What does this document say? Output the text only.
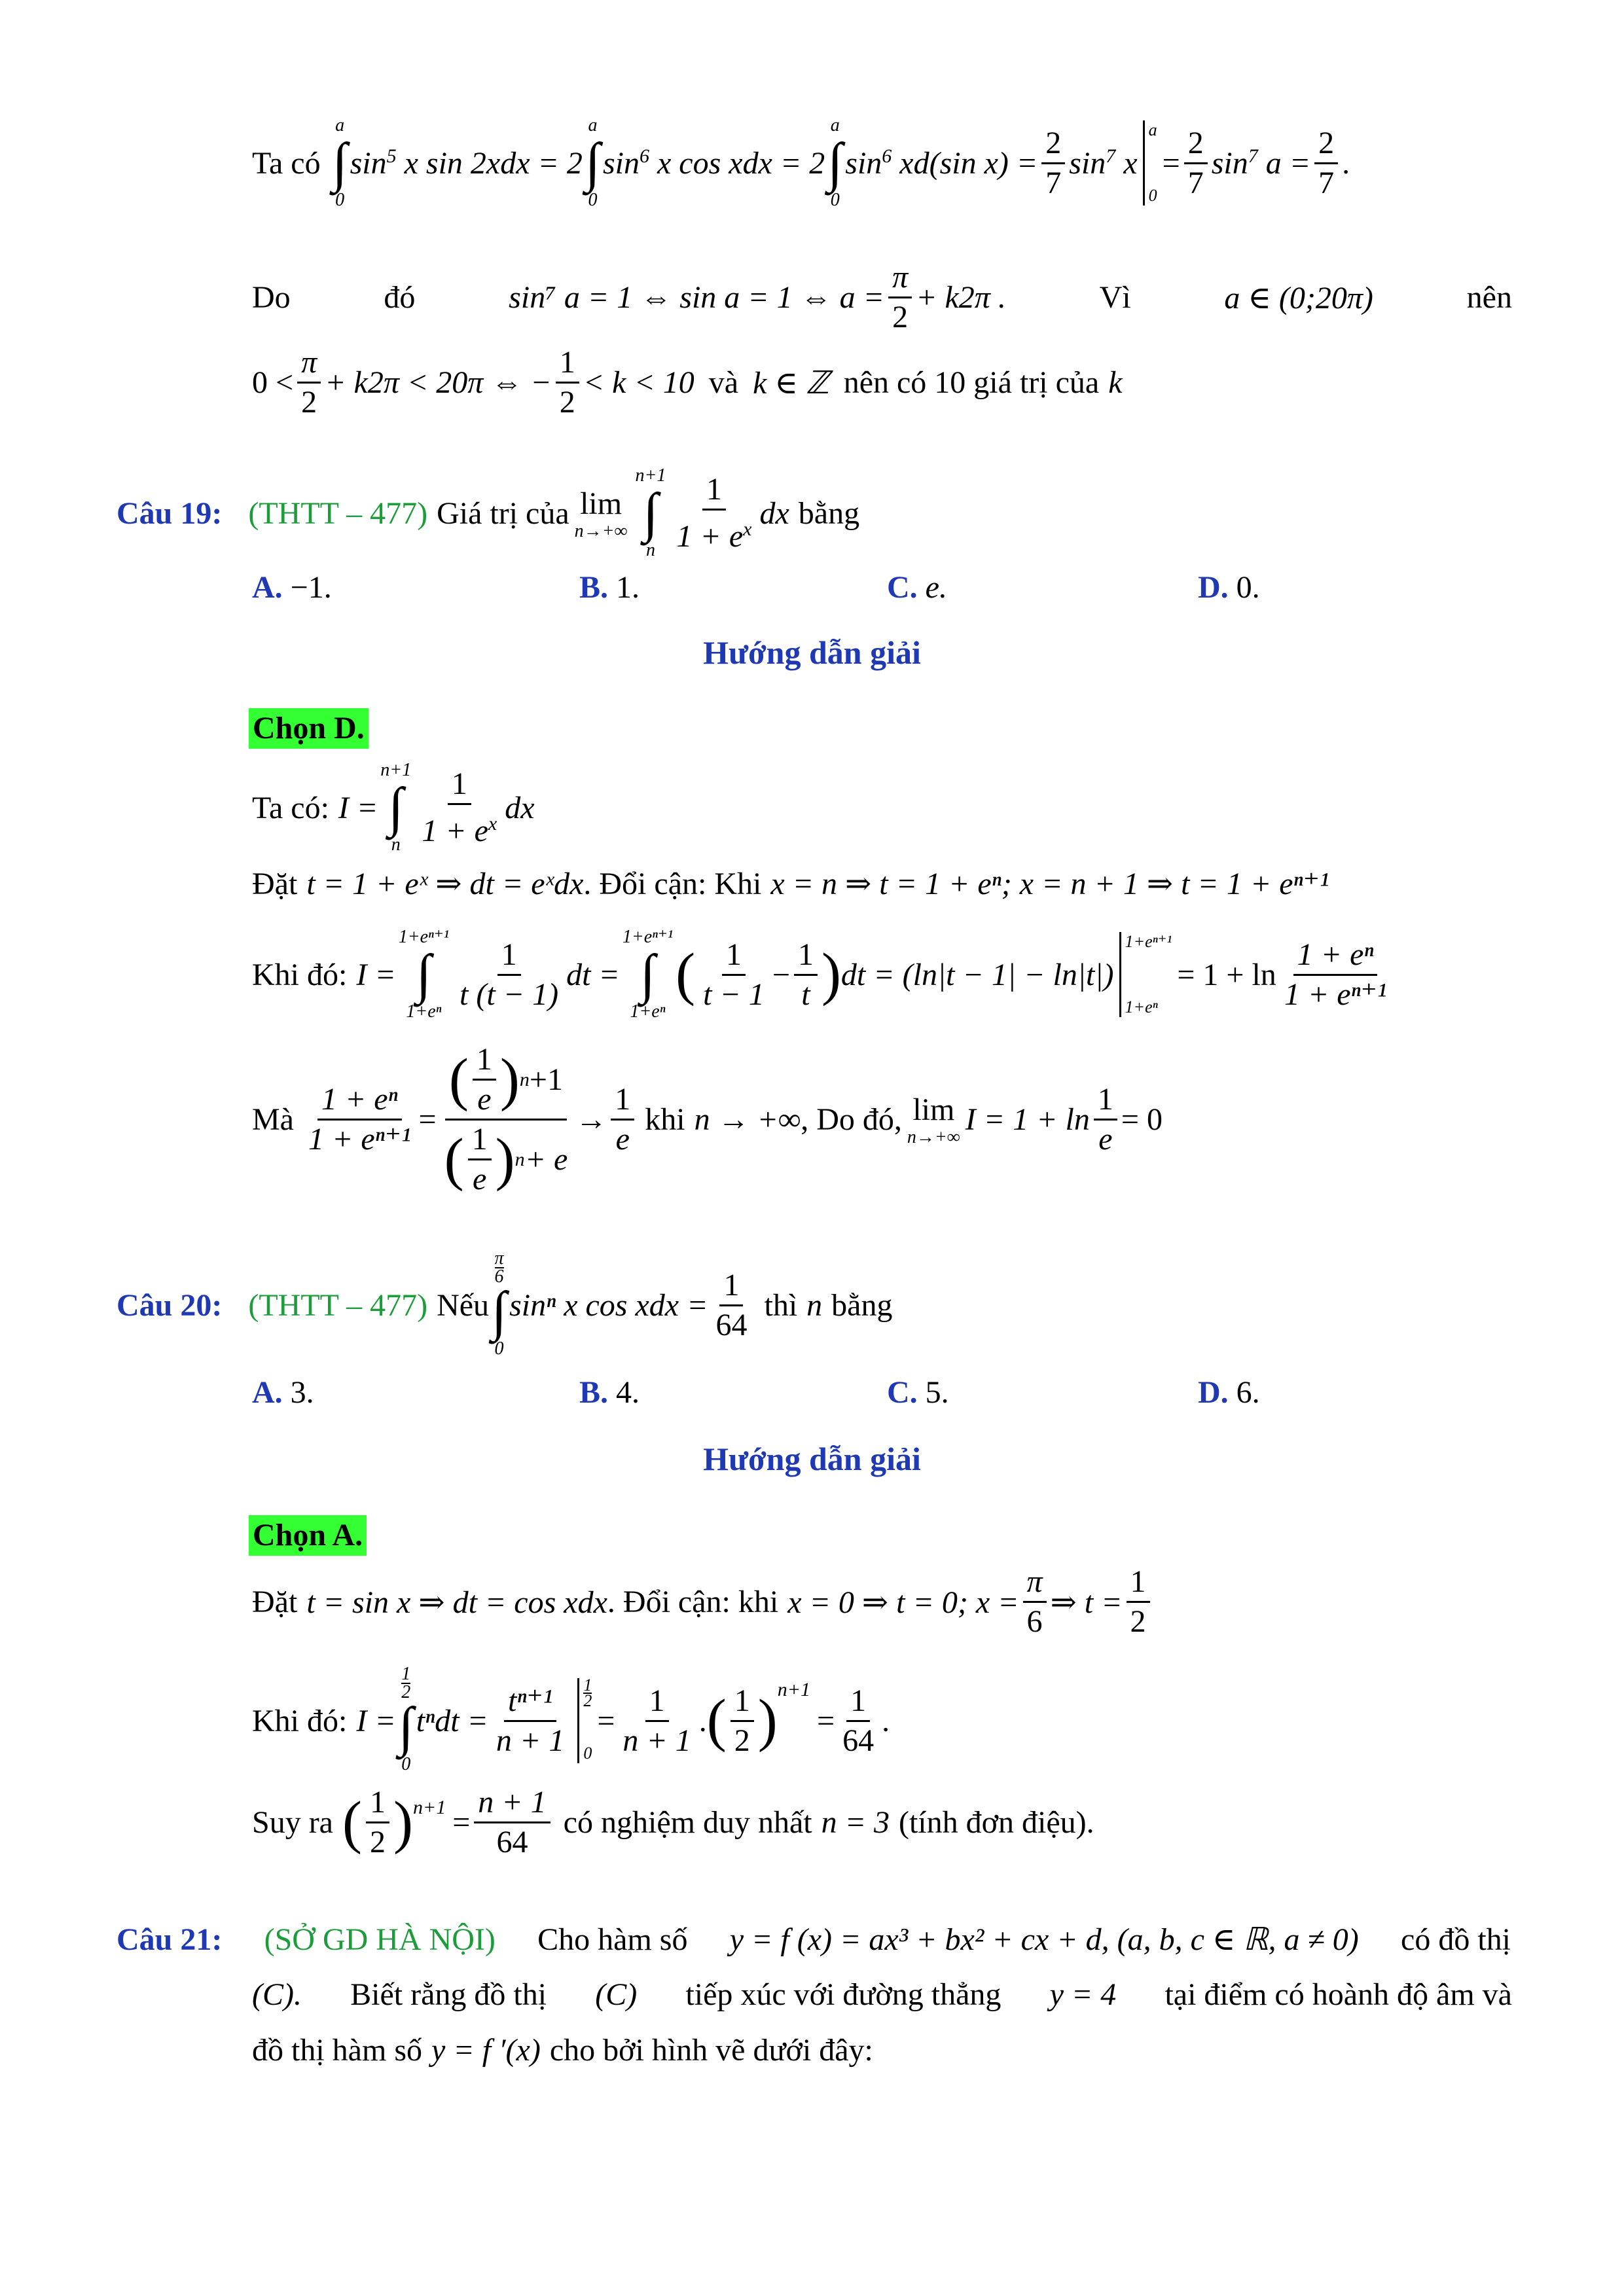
Ta có
a
∫
0
$\sin^5 x$ sin 2xdx = 2
a
∫
0
$\sin^6 x$ cos xdx = 2
a
∫
0
$\sin^6 xd(\sin$ $x) = \frac{2}{7} \sin^7 x$
a
0
= $\frac{2}{7} \sin^7 a = \frac{2}{7}$ .
Do	đó	sin⁷ a = 1 ⇔ sin a = 1 ⇔ $a = \frac{\pi}{2} + k2\pi$ .	Vì	a ∈ (0;20π)	nên
$0 < \frac{\pi}{2} + k2\pi < 20\pi$ ⇔ − $\frac{1}{2} < k < 10$ và k ∈ ℤ nên có 10 giá trị của k
Câu 19: (THTT – 477) Giá trị của lim
n→+∞
n+1
∫
n $\frac{1}{1 + e^x}$ dx bằng
A. −1.	B. 1.	C. e.	D. 0.
Hướng dẫn giải
Chọn D.
Ta có: I =
n+1
∫
n $\frac{1}{1 + e^x}$ dx
Đặt t = 1 + eˣ ⇒ dt = eˣdx . Đổi cận: Khi x = n ⇒ t = 1 + eⁿ; x = n + 1 ⇒ t = 1 + eⁿ⁺¹
Khi đó: I =
1+eⁿ⁺¹
∫
$1+e^n \frac{1}{t (t - 1)}$ dt =
1+eⁿ⁺¹
∫
1+eⁿ
( $\frac{1}{t - 1} - \frac{1}{t}$ ) dt = (ln|t − 1| − ln|t|)
1+eⁿ⁺¹
1+eⁿ
= $1 + \ln \frac{\text{1 + eⁿ}}{\text{1 + eⁿ⁺¹}}$
Mà $\frac{\text{1 + eⁿ}}{\text{1 + eⁿ⁺¹}} = \frac{( \frac{1}{e} ) n +1}{( \frac{1}{e} ) n + e} \to \frac{1}{e}$ khi n → +∞ , Do đó, lim
n→+∞
$I = 1 + \ln \frac{1}{e} = 0$
Câu 20: (THTT – 477) Nếu
π
6
∫
0
sinⁿ x cos xdx = $\frac{1}{64}$ thì n bằng
A. 3.	B. 4.	C. 5.	D. 6.
Hướng dẫn giải
Chọn A.
Đặt t = sin x ⇒ dt = cos xdx . Đổi cận: khi x = 0 ⇒ t = 0; $x = \frac{\pi}{6}$ ⇒ $t = \frac{1}{2}$
Khi đó: I =
1
2
∫
0
$t^ndt = \frac{\text{tⁿ⁺¹}}{n + 1} 1$
2
0
= $\frac{1}{n + 1}$ . ( $\frac{1}{2} )^{n+1}$
= $\frac{1}{64}$ .
Suy ra ( $\frac{1}{2} )^{n+1} = \frac{n + 1}{64}$ có nghiệm duy nhất n = 3 (tính đơn điệu).
Câu 21: (SỞ GD HÀ NỘI) Cho hàm số y = f (x) = ax³ + bx² + cx + d, (a, b, c ∈ ℝ, a ≠ 0) có đồ thị
(C). Biết rằng đồ thị (C) tiếp xúc với đường thẳng y = 4 tại điểm có hoành độ âm và
đồ thị hàm số y = f ′(x) cho bởi hình vẽ dưới đây:
